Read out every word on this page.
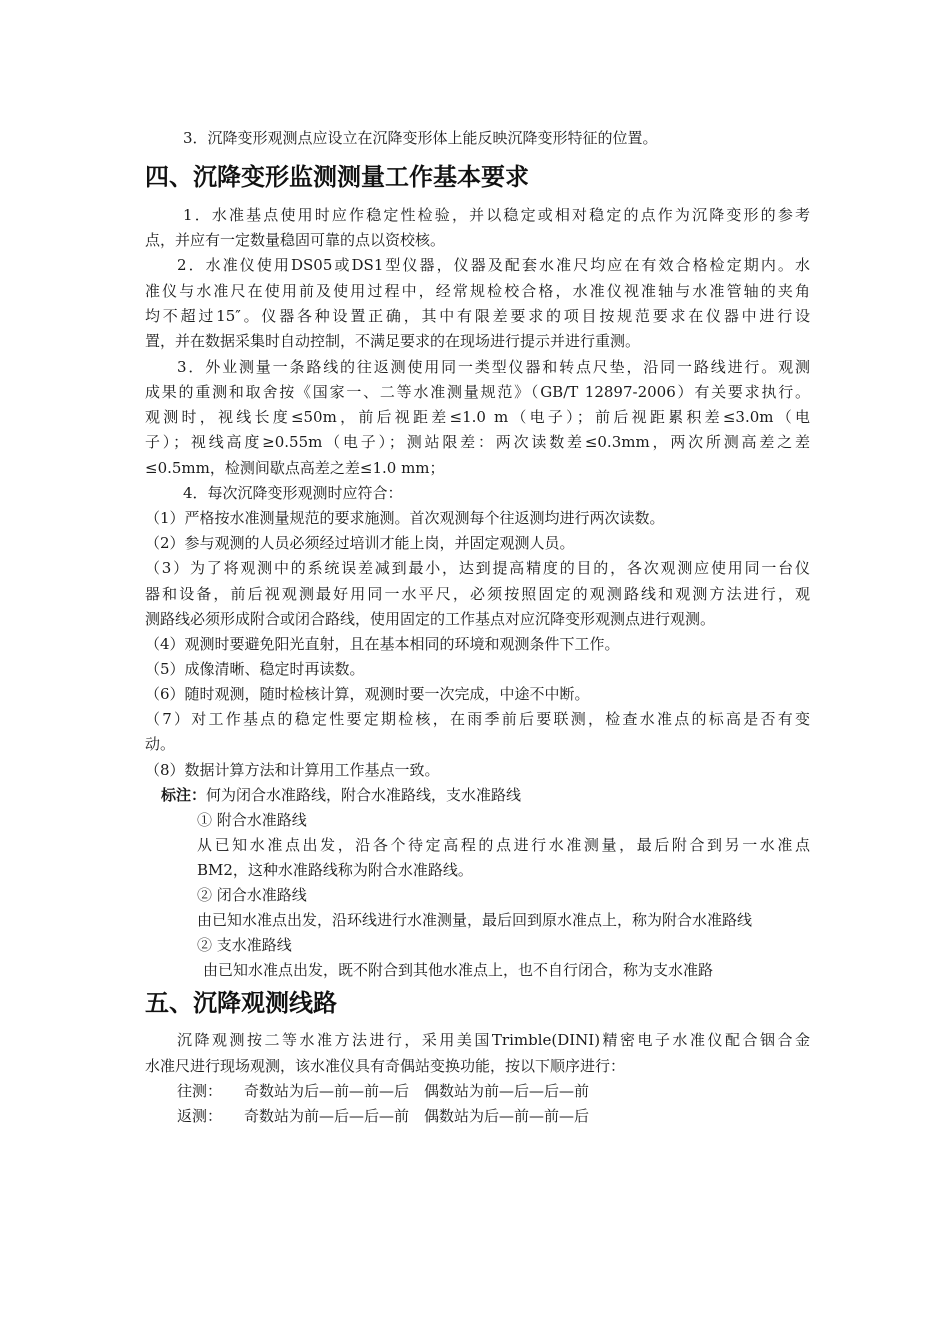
3．沉降变形观测点应设立在沉降变形体上能反映沉降变形特征的位置。
四、沉降变形监测测量工作基本要求
1．水准基点使用时应作稳定性检验，并以稳定或相对稳定的点作为沉降变形的参考
点，并应有一定数量稳固可靠的点以资校核。
2．水准仪使用DS05或DS1型仪器，仪器及配套水准尺均应在有效合格检定期内。水
准仪与水准尺在使用前及使用过程中，经常规检校合格，水准仪视准轴与水准管轴的夹角
均不超过15″。仪器各种设置正确，其中有限差要求的项目按规范要求在仪器中进行设
置，并在数据采集时自动控制，不满足要求的在现场进行提示并进行重测。
3．外业测量一条路线的往返测使用同一类型仪器和转点尺垫，沿同一路线进行。观测
成果的重测和取舍按《国家一、二等水准测量规范》（GB/T 12897-2006）有关要求执行。
观测时，视线长度≤50m，前后视距差≤1.0 m（电子）；前后视距累积差≤3.0m（电
子）；视线高度≥0.55m（电子）；测站限差：两次读数差≤0.3mm，两次所测高差之差
≤0.5mm，检测间歇点高差之差≤1.0 mm；
4．每次沉降变形观测时应符合：
（1）严格按水准测量规范的要求施测。首次观测每个往返测均进行两次读数。
（2）参与观测的人员必须经过培训才能上岗，并固定观测人员。
（3）为了将观测中的系统误差减到最小，达到提高精度的目的，各次观测应使用同一台仪
器和设备，前后视观测最好用同一水平尺，必须按照固定的观测路线和观测方法进行，观
测路线必须形成附合或闭合路线，使用固定的工作基点对应沉降变形观测点进行观测。
（4）观测时要避免阳光直射，且在基本相同的环境和观测条件下工作。
（5）成像清晰、稳定时再读数。
（6）随时观测，随时检核计算，观测时要一次完成，中途不中断。
（7）对工作基点的稳定性要定期检核，在雨季前后要联测，检查水准点的标高是否有变
动。
（8）数据计算方法和计算用工作基点一致。
标注：何为闭合水准路线，附合水准路线，支水准路线
① 附合水准路线
从已知水准点出发，沿各个待定高程的点进行水准测量，最后附合到另一水准点
BM2，这种水准路线称为附合水准路线。
② 闭合水准路线
由已知水准点出发，沿环线进行水准测量，最后回到原水准点上，称为附合水准路线
② 支水准路线
由已知水准点出发，既不附合到其他水准点上，也不自行闭合，称为支水准路
五、沉降观测线路
沉降观测按二等水准方法进行，采用美国Trimble(DINI)精密电子水准仪配合铟合金
水准尺进行现场观测，该水准仪具有奇偶站变换功能，按以下顺序进行：
往测： 奇数站为后—前—前—后　偶数站为前—后—后—前
返测： 奇数站为前—后—后—前　偶数站为后—前—前—后
